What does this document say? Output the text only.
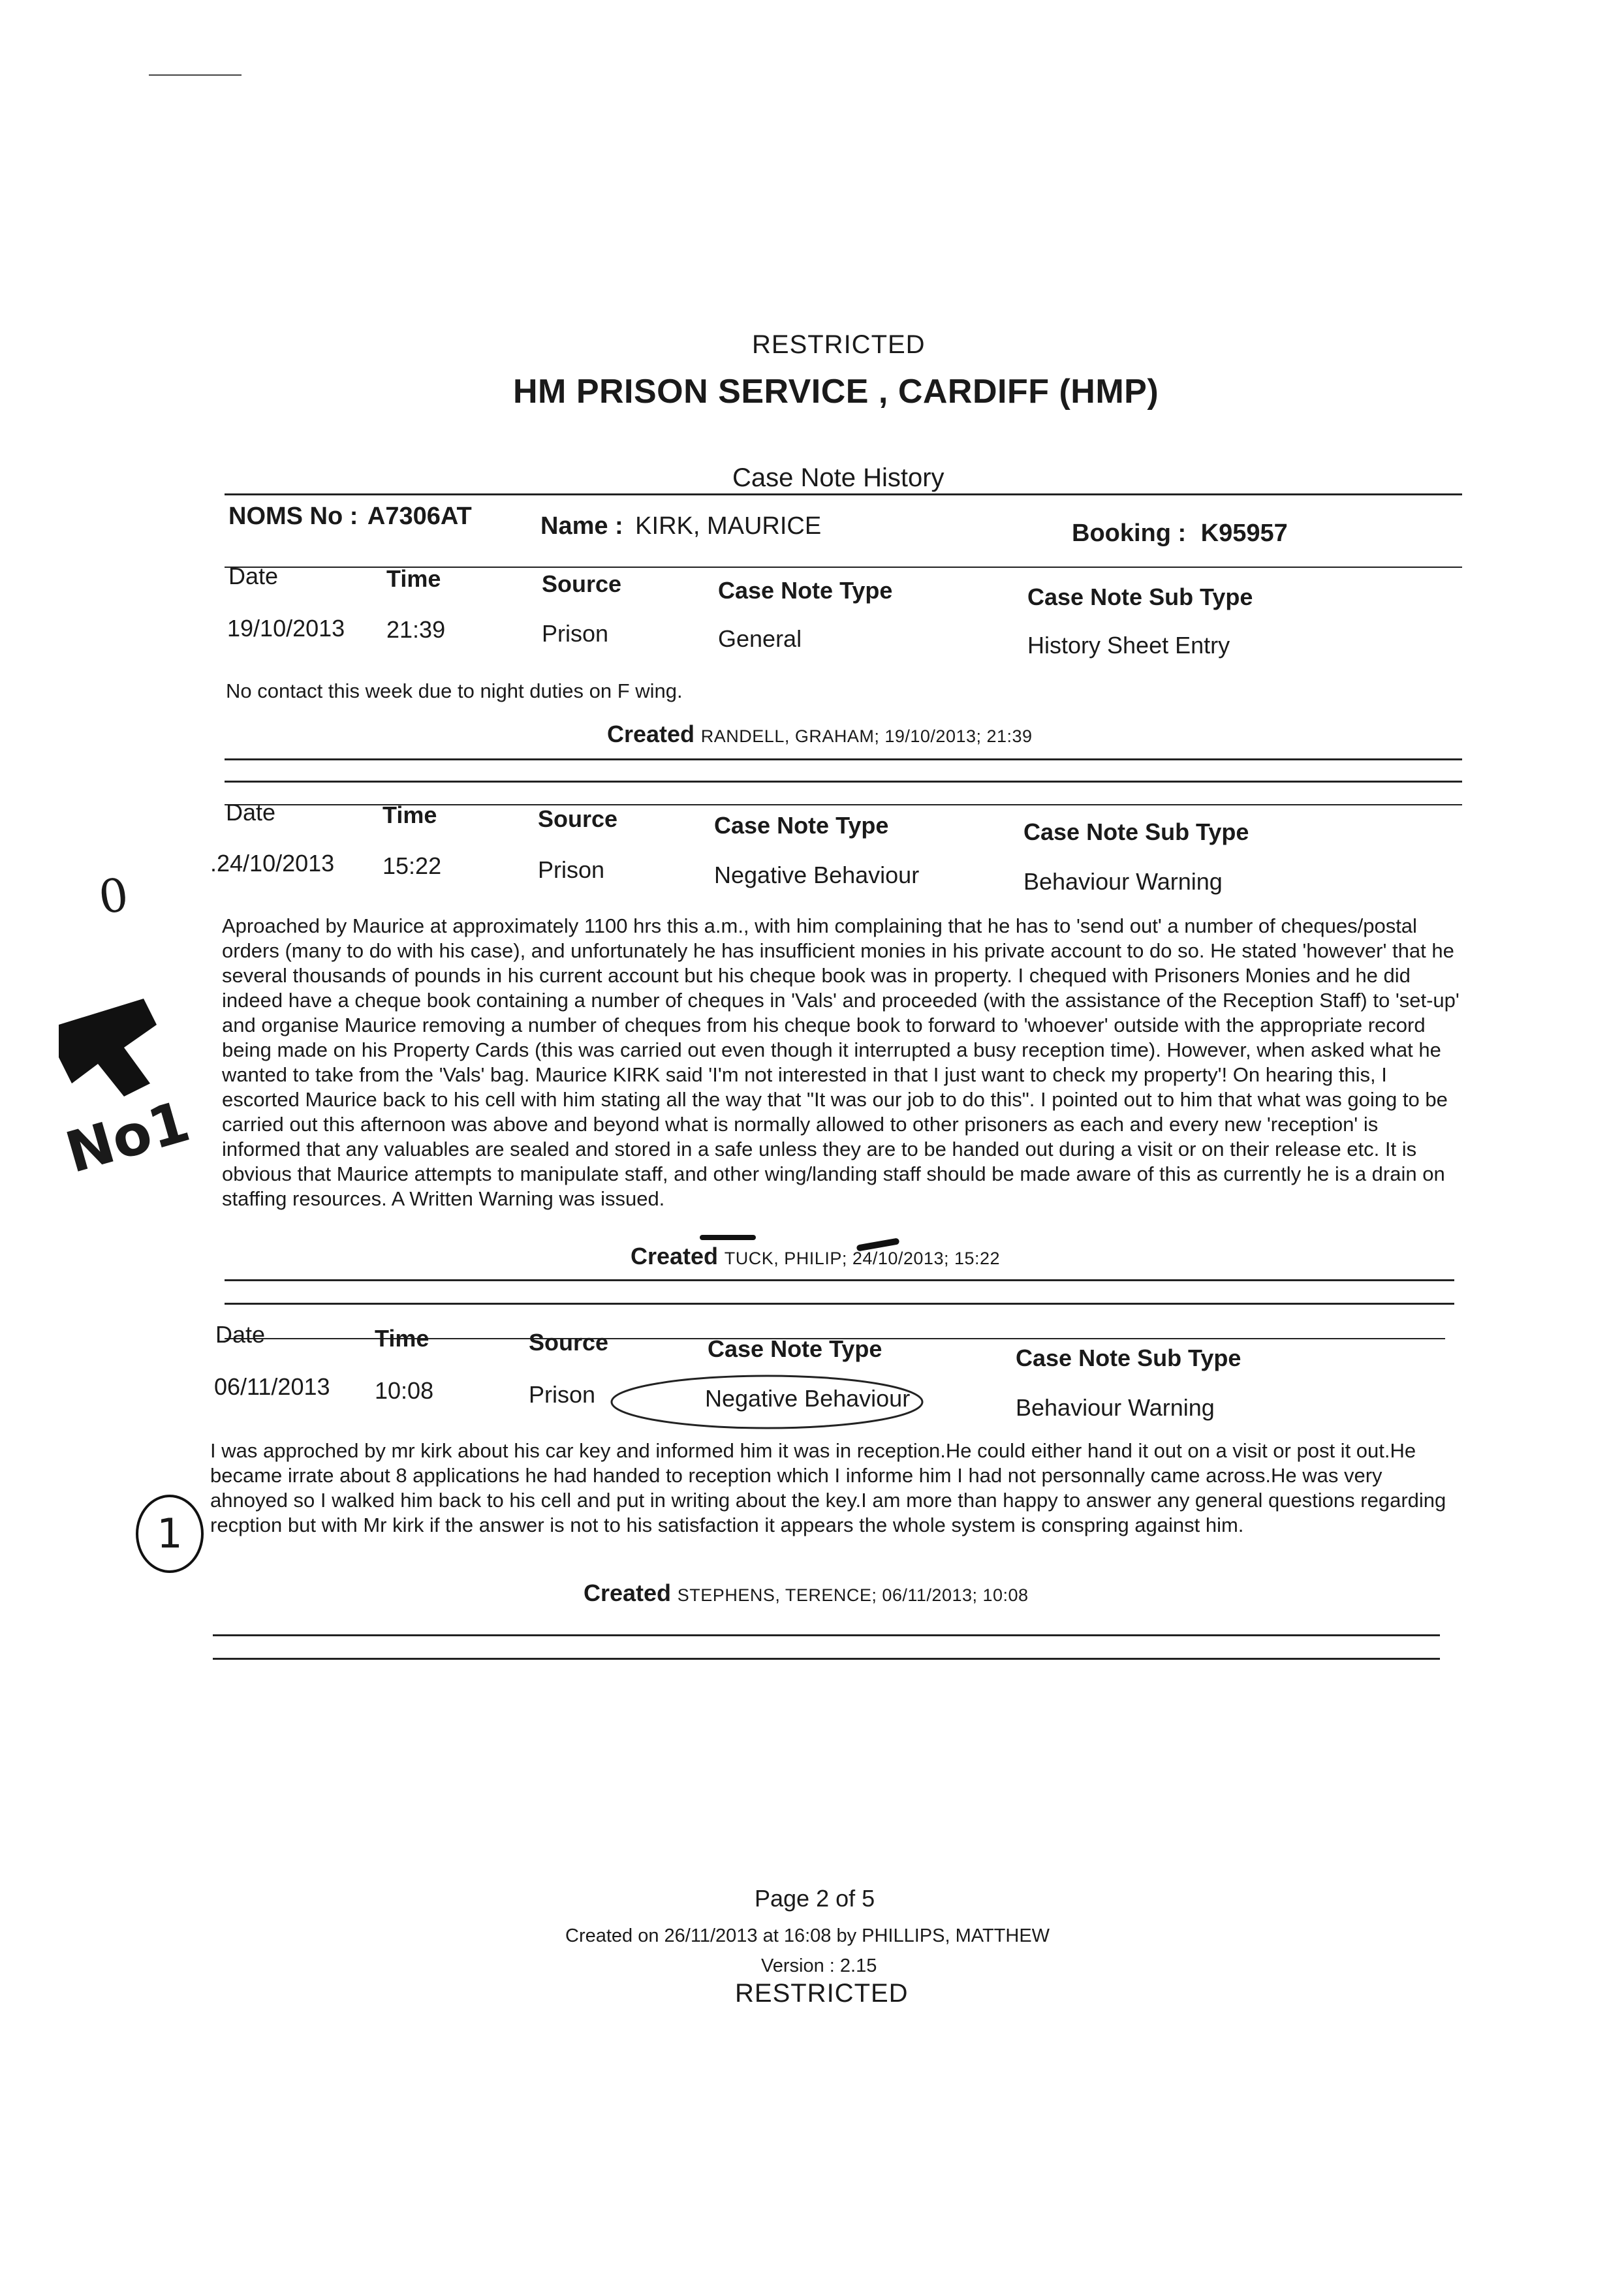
RESTRICTED
HM PRISON SERVICE , CARDIFF (HMP)
Case Note History
NOMS No : A7306AT	Name : KIRK, MAURICE	Booking : K95957
Date	Time	Source	Case Note Type	Case Note Sub Type
19/10/2013 21:39	Prison	General	History Sheet Entry
No contact this week due to night duties on F wing.
Created RANDELL, GRAHAM; 19/10/2013; 21:39
Date	Time	Source	Case Note Type	Case Note Sub Type
.24/10/2013 15:22	Prison	Negative Behaviour	Behaviour Warning
Aproached by Maurice at approximately 1100 hrs this a.m., with him complaining that he has to 'send out' a number of cheques/postal orders (many to do with his case), and unfortunately he has insufficient monies in his private account to do so. He stated 'however' that he several thousands of pounds in his current account but his cheque book was in property. I chequed with Prisoners Monies and he did indeed have a cheque book containing a number of cheques in 'Vals' and proceeded (with the assistance of the Reception Staff) to 'set-up' and organise Maurice removing a number of cheques from his cheque book to forward to 'whoever' outside with the appropriate record being made on his Property Cards (this was carried out even though it interrupted a busy reception time). However, when asked what he wanted to take from the 'Vals' bag. Maurice KIRK said 'I'm not interested in that I just want to check my property'! On hearing this, I escorted Maurice back to his cell with him stating all the way that "It was our job to do this". I pointed out to him that what was going to be carried out this afternoon was above and beyond what is normally allowed to other prisoners as each and every new 'reception' is informed that any valuables are sealed and stored in a safe unless they are to be handed out during a visit or on their release etc. It is obvious that Maurice attempts to manipulate staff, and other wing/landing staff should be made aware of this as currently he is a drain on staffing resources. A Written Warning was issued.
Created TUCK, PHILIP; 24/10/2013; 15:22
Date	Time	Source	Case Note Type	Case Note Sub Type
06/11/2013 10:08	Prison	Negative Behaviour	Behaviour Warning
I was approched by mr kirk about his car key and informed him it was in reception.He could either hand it out on a visit or post it out.He became irrate about 8 applications he had handed to reception which I informe him I had not personnally came across.He was very ahnoyed so I walked him back to his cell and put in writing about the key.I am more than happy to answer any general questions regarding recption but with Mr kirk if the answer is not to his satisfaction it appears the whole system is conspring against him.
Created STEPHENS, TERENCE; 06/11/2013; 10:08
0
No1
1
Page 2 of 5
Created on 26/11/2013 at 16:08 by PHILLIPS, MATTHEW
Version : 2.15
RESTRICTED
